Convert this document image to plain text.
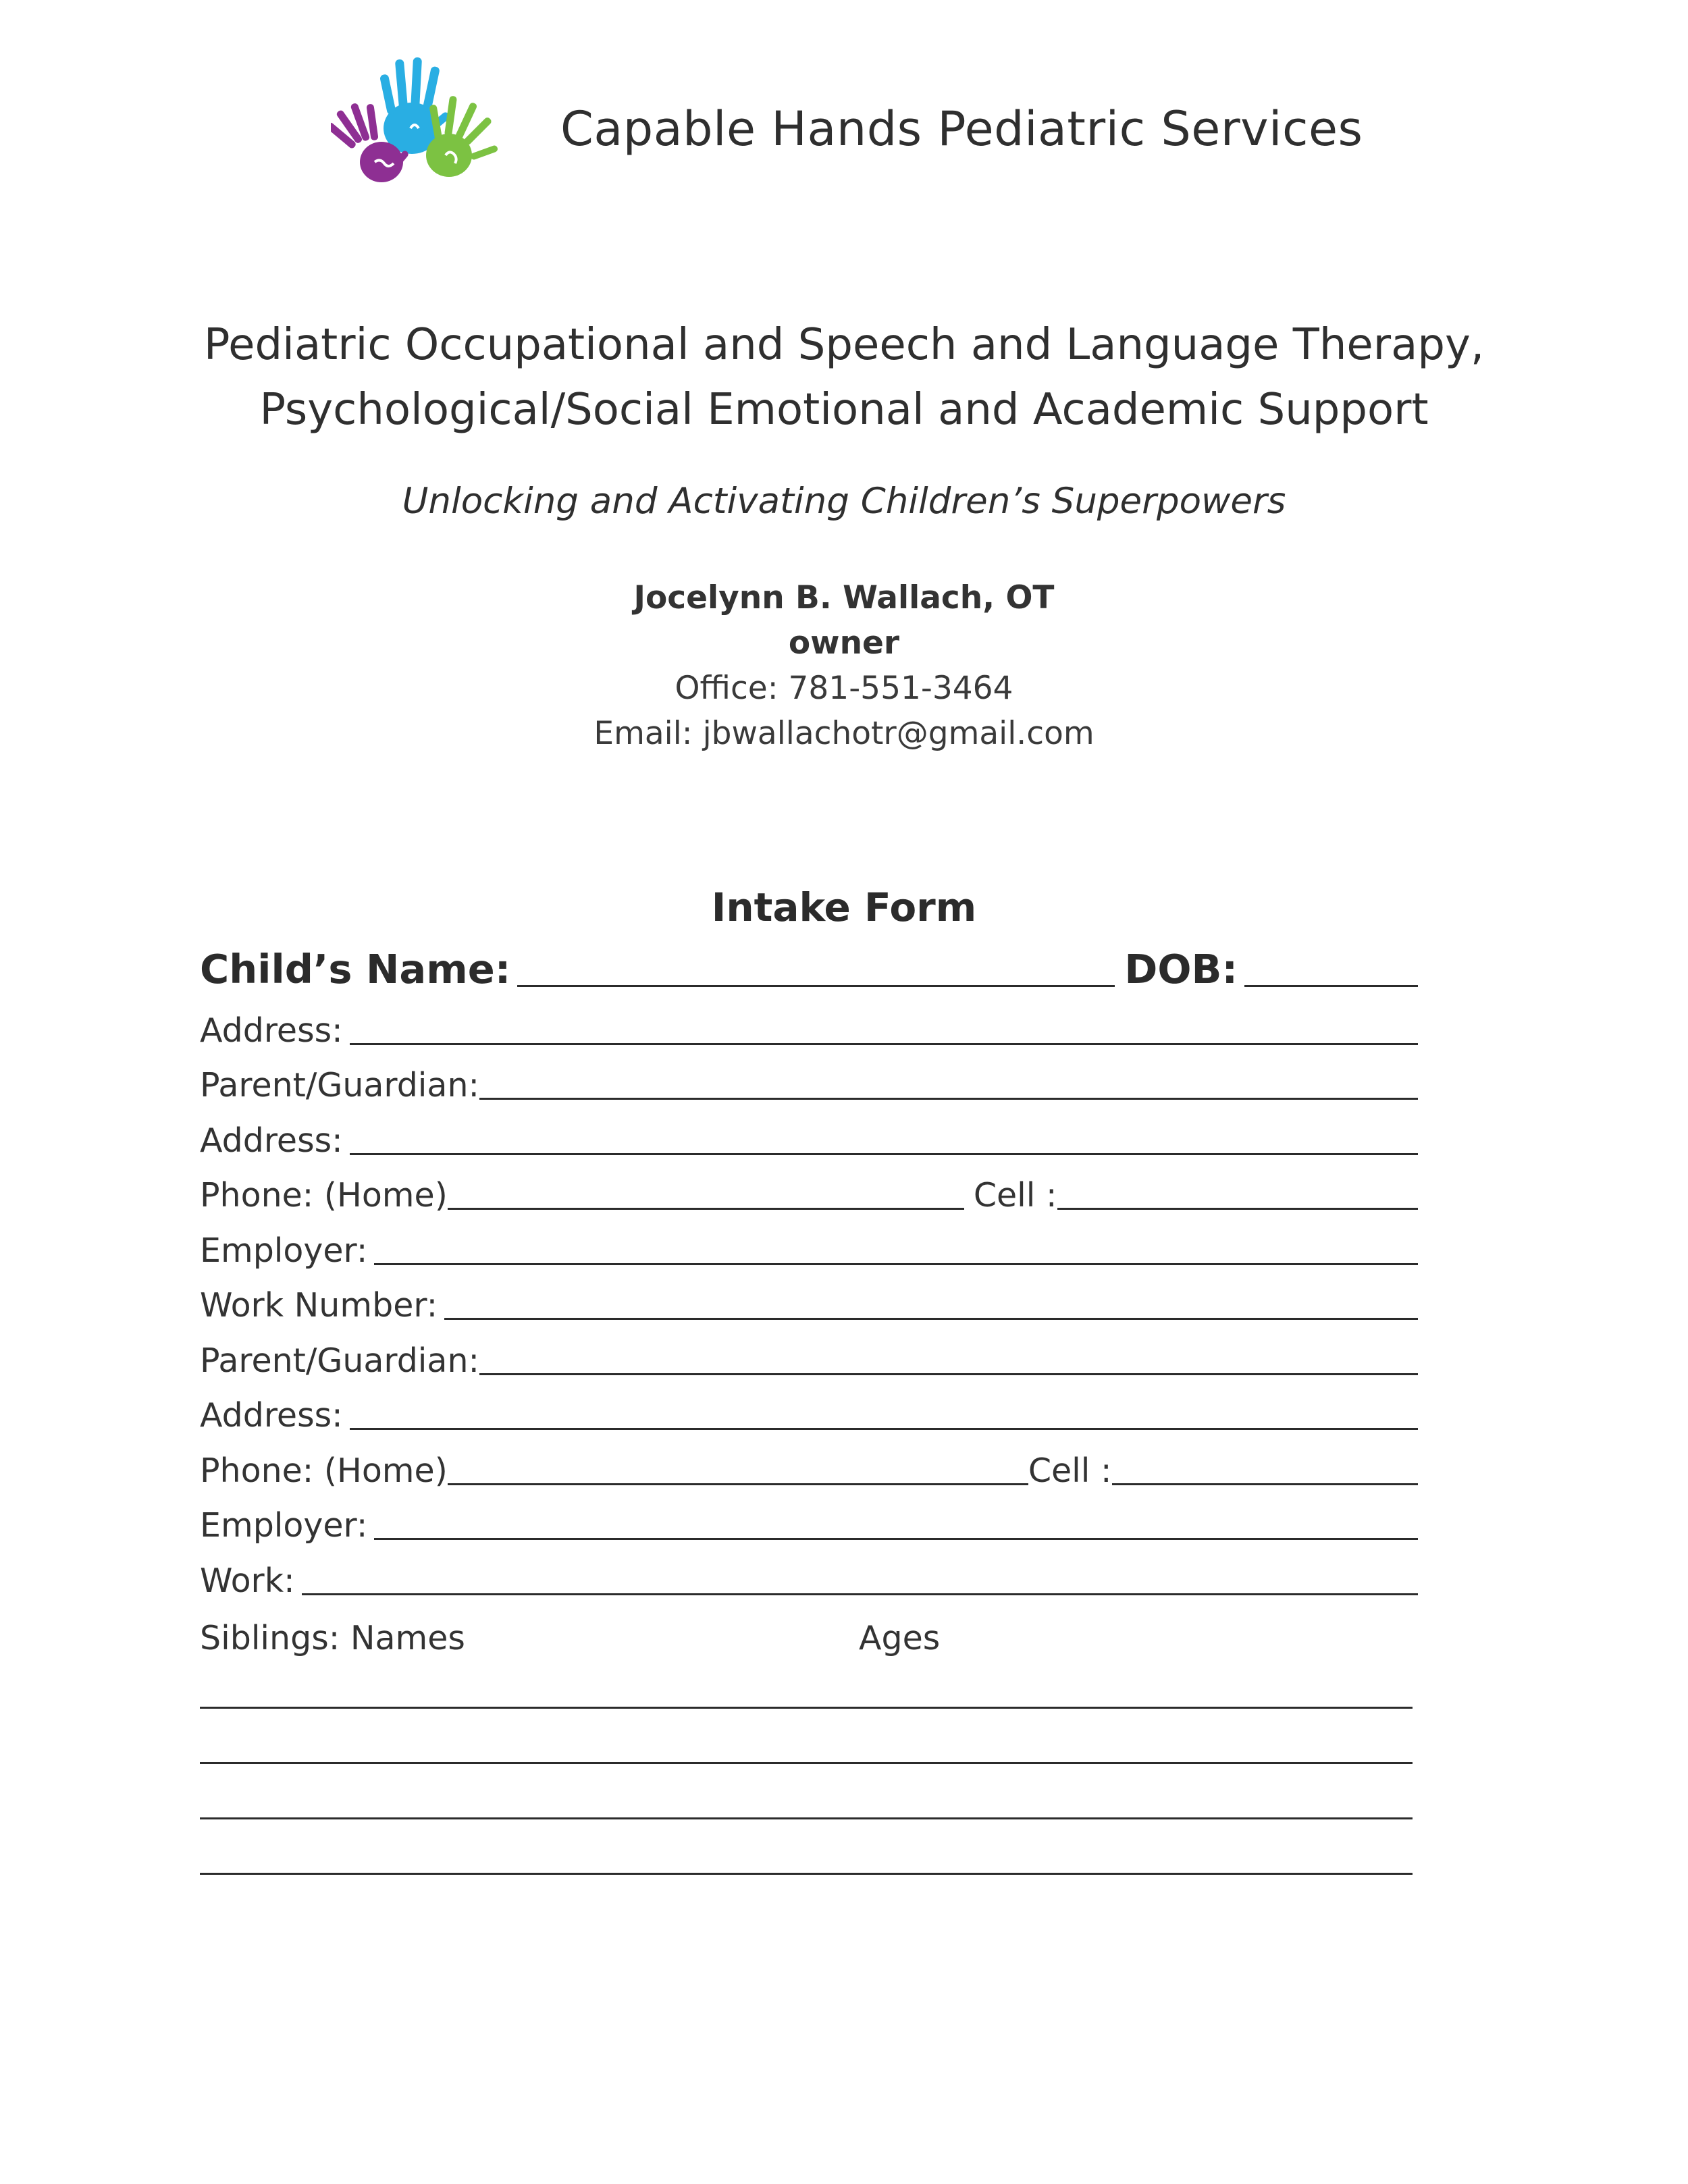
Capable Hands Pediatric Services
Pediatric Occupational and Speech and Language Therapy,
Psychological/Social Emotional and Academic Support
Unlocking and Activating Children’s Superpowers
Jocelynn B. Wallach, OT
owner
Office: 781-551-3464
Email: jbwallachotr@gmail.com
Intake Form
Child’s Name:	DOB:
Address:
Parent/Guardian:
Address:
Phone: (Home)	Cell :
Employer:
Work Number:
Parent/Guardian:
Address:
Phone: (Home)	Cell :
Employer:
Work:
Siblings: Names	Ages
